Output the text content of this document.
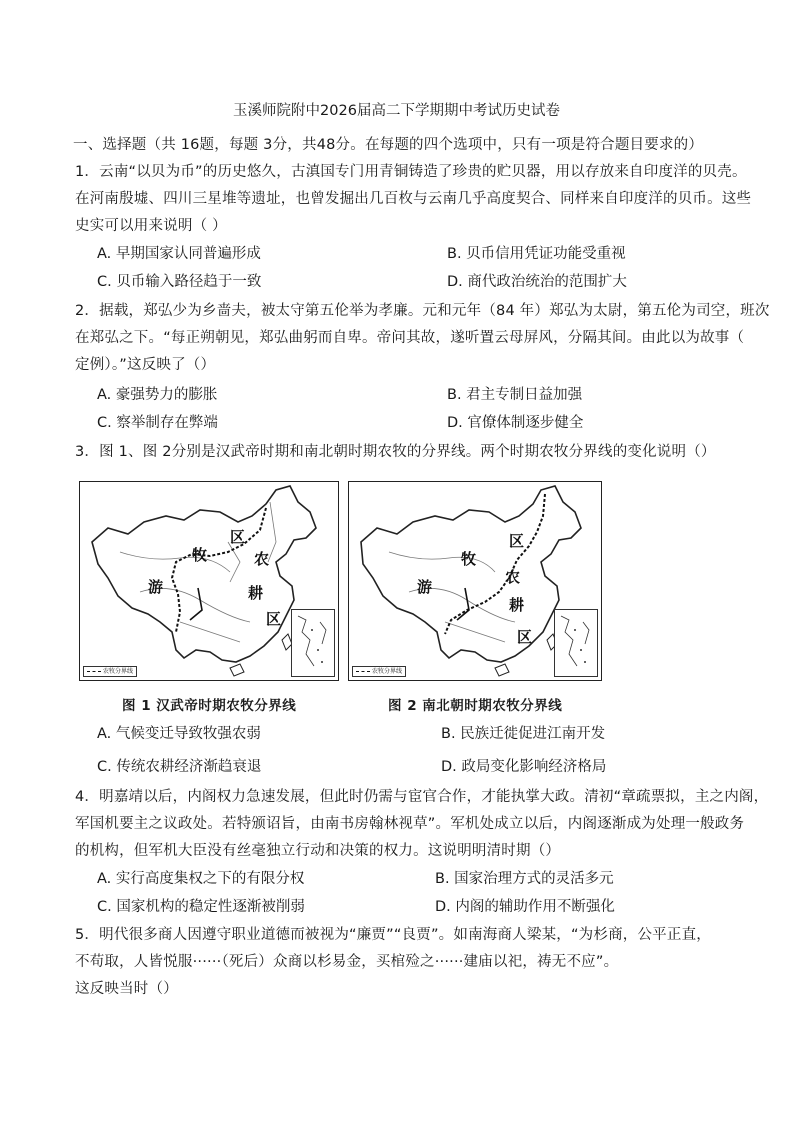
玉溪师院附中2026届高二下学期期中考试历史试卷
一、选择题（共 16题，每题 3分，共48分。在每题的四个选项中，只有一项是符合题目要求的）
1．云南“以贝为币”的历史悠久，古滇国专门用青铜铸造了珍贵的贮贝器，用以存放来自印度洋的贝壳。
在河南殷墟、四川三星堆等遗址，也曾发掘出几百枚与云南几乎高度契合、同样来自印度洋的贝币。这些
史实可以用来说明（ ）
A. 早期国家认同普遍形成	B. 贝币信用凭证功能受重视
C. 贝币输入路径趋于一致	D. 商代政治统治的范围扩大
2．据载，郑弘少为乡啬夫，被太守第五伦举为孝廉。元和元年（84 年）郑弘为太尉，第五伦为司空，班次
在郑弘之下。“每正朔朝见，郑弘曲躬而自卑。帝问其故，遂听置云母屏风，分隔其间。由此以为故事（
定例）。”这反映了（）
A. 豪强势力的膨胀	B. 君主专制日益加强
C. 察举制存在弊端	D. 官僚体制逐步健全
3．图 1、图 2分别是汉武帝时期和南北朝时期农牧的分界线。两个时期农牧分界线的变化说明（）
牧
区
游
农
耕
区
农牧分界线
区
牧
农
游
耕
区
农牧分界线
图 1 汉武帝时期农牧分界线	图 2 南北朝时期农牧分界线
A. 气候变迁导致牧强农弱	B. 民族迁徙促进江南开发
C. 传统农耕经济渐趋衰退	D. 政局变化影响经济格局
4．明嘉靖以后，内阁权力急速发展，但此时仍需与宦官合作，才能执掌大政。清初“章疏票拟，主之内阁，
军国机要主之议政处。若特颁诏旨，由南书房翰林视草”。军机处成立以后，内阁逐渐成为处理一般政务
的机构，但军机大臣没有丝毫独立行动和决策的权力。这说明明清时期（）
A. 实行高度集权之下的有限分权	B. 国家治理方式的灵活多元
C. 国家机构的稳定性逐渐被削弱	D. 内阁的辅助作用不断强化
5．明代很多商人因遵守职业道德而被视为“廉贾”“良贾”。如南海商人梁某，“为杉商，公平正直，
不苟取，人皆悦服······（死后）众商以杉易金，买棺殓之······建庙以祀，祷无不应”。
这反映当时（）
